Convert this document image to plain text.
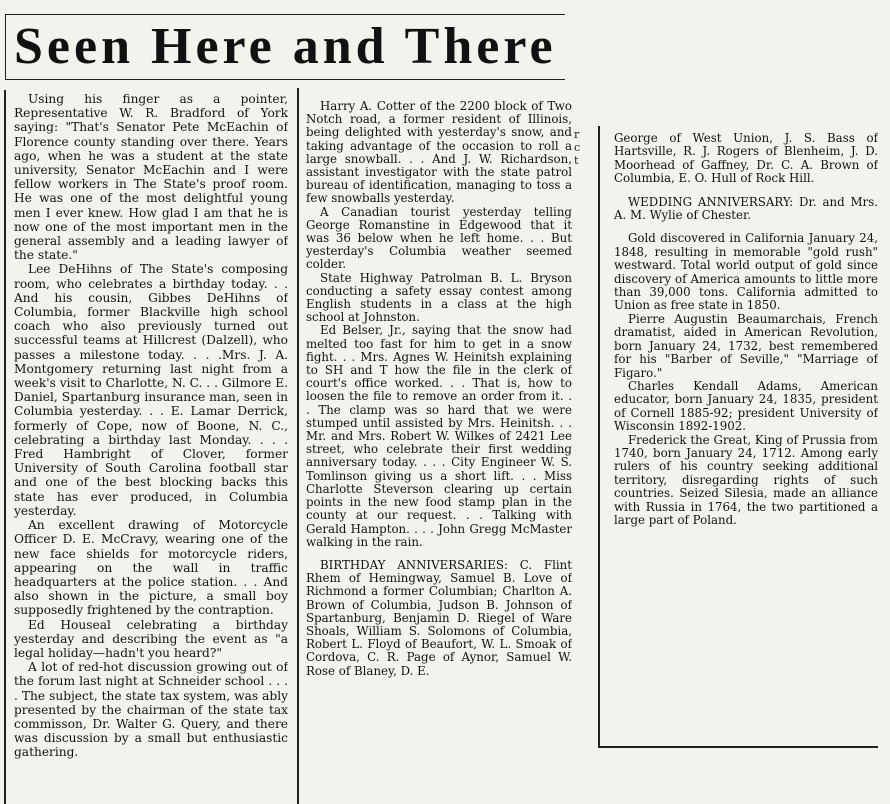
Seen Here and There
r
c
t

Using his finger as a pointer, Representative W. R. Bradford of York saying: "That's Senator Pete McEachin of Florence county standing over there. Years ago, when he was a student at the state university, Senator McEachin and I were fellow workers in The State's proof room. He was one of the most delightful young men I ever knew. How glad I am that he is now one of the most important men in the general assembly and a leading lawyer of the state."

Lee DeHihns of The State's composing room, who celebrates a birthday today. . . And his cousin, Gibbes DeHihns of Columbia, former Blackville high school coach who also previously turned out successful teams at Hillcrest (Dalzell), who passes a milestone today. . . .Mrs. J. A. Montgomery returning last night from a week's visit to Charlotte, N. C. . . Gilmore E. Daniel, Spartanburg insurance man, seen in Columbia yesterday. . . E. Lamar Derrick, formerly of Cope, now of Boone, N. C., celebrating a birthday last Monday. . . . Fred Hambright of Clover, former University of South Carolina football star and one of the best blocking backs this state has ever produced, in Columbia yesterday.

An excellent drawing of Motorcycle Officer D. E. McCravy, wearing one of the new face shields for motorcycle riders, appearing on the wall in traffic headquarters at the police station. . . And also shown in the picture, a small boy supposedly frightened by the contraption.

Ed Houseal celebrating a birthday yesterday and describing the event as "a legal holiday—hadn't you heard?"

A lot of red-hot discussion growing out of the forum last night at Schneider school . . . . The subject, the state tax system, was ably presented by the chairman of the state tax commisson, Dr. Walter G. Query, and there was discussion by a small but enthusiastic gathering.

Harry A. Cotter of the 2200 block of Two Notch road, a former resident of Illinois, being delighted with yesterday's snow, and taking advantage of the occasion to roll a large snowball. . . And J. W. Richardson, assistant investigator with the state patrol bureau of identification, managing to toss a few snowballs yesterday.

A Canadian tourist yesterday telling George Romanstine in Edgewood that it was 36 below when he left home. . . But yesterday's Columbia weather seemed colder.

State Highway Patrolman B. L. Bryson conducting a safety essay contest among English students in a class at the high school at Johnston.

Ed Belser, Jr., saying that the snow had melted too fast for him to get in a snow fight. . . Mrs. Agnes W. Heinitsh explaining to SH and T how the file in the clerk of court's office worked. . . That is, how to loosen the file to remove an order from it. . . The clamp was so hard that we were stumped until assisted by Mrs. Heinitsh. . . Mr. and Mrs. Robert W. Wilkes of 2421 Lee street, who celebrate their first wedding anniversary today. . . . City Engineer W. S. Tomlinson giving us a short lift. . . Miss Charlotte Steverson clearing up certain points in the new food stamp plan in the county at our request. . . Talking with Gerald Hampton. . . . John Gregg McMaster walking in the rain.

BIRTHDAY ANNIVERSARIES: C. Flint Rhem of Hemingway, Samuel B. Love of Richmond a former Columbian; Charlton A. Brown of Columbia, Judson B. Johnson of Spartanburg, Benjamin D. Riegel of Ware Shoals, William S. Solomons of Columbia, Robert L. Floyd of Beaufort, W. L. Smoak of Cordova, C. R. Page of Aynor, Samuel W. Rose of Blaney, D. E.

George of West Union, J. S. Bass of Hartsville, R. J. Rogers of Blenheim, J. D. Moorhead of Gaffney, Dr. C. A. Brown of Columbia, E. O. Hull of Rock Hill.

WEDDING ANNIVERSARY: Dr. and Mrs. A. M. Wylie of Chester.

Gold discovered in California January 24, 1848, resulting in memorable "gold rush" westward. Total world output of gold since discovery of America amounts to little more than 39,000 tons. California admitted to Union as free state in 1850.

Pierre Augustin Beaumarchais, French dramatist, aided in American Revolution, born January 24, 1732, best remembered for his "Barber of Seville," "Marriage of Figaro."

Charles Kendall Adams, American educator, born January 24, 1835, president of Cornell 1885-92; president University of Wisconsin 1892-1902.

Frederick the Great, King of Prussia from 1740, born January 24, 1712. Among early rulers of his country seeking additional territory, disregarding rights of such countries. Seized Silesia, made an alliance with Russia in 1764, the two partitioned a large part of Poland.
